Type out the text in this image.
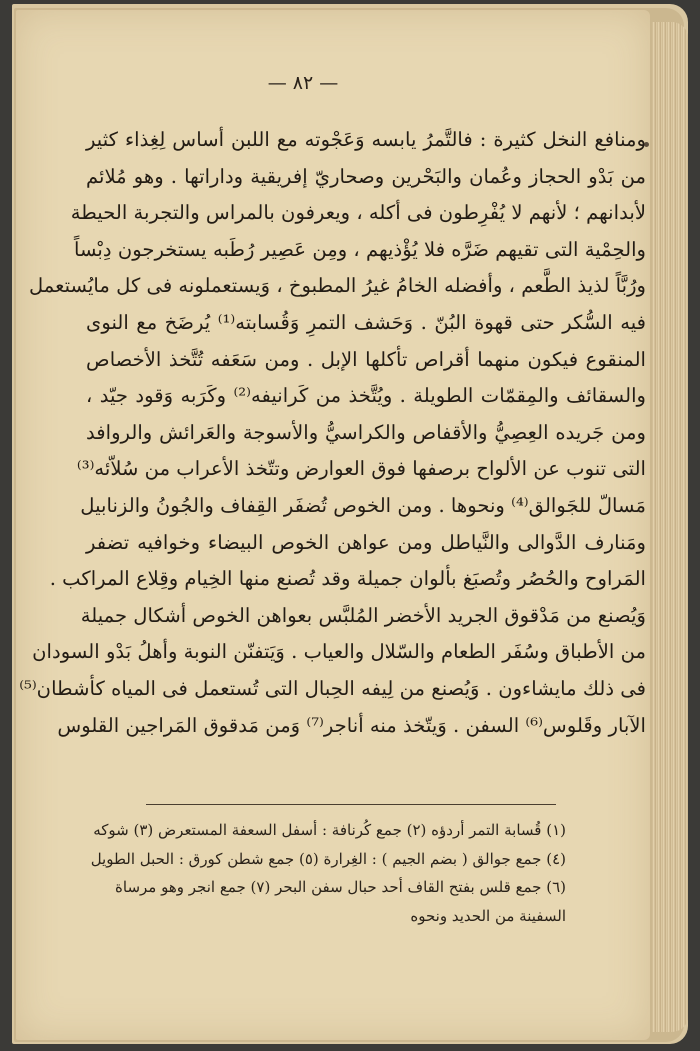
— ٨٢ —

ومنافع النخل كثيرة : فالتَّمرُ يابسه وَعَجْوته مع اللبن أساس لِغِذاء كثير

من بَدْو الحجاز وعُمان والبَحْرين وصحاريّ إفريقية وداراتها . وهو مُلائم

لأبدانهم ؛ لأنهم لا يُفْرِطون فى أكله ، ويعرفون بالمراس والتجربة الحيطة

والحِمْية التى تقيهم ضَرَّه فلا يُؤْذيهم ، ومِن عَصِير رُطَبه يستخرجون دِبْساً

ورُبَّاً لذيذ الطَّعم ، وأفضله الخامُ غيرُ المطبوخ ، وَيستعملونه فى كل مايُستعمل

فيه السُّكر حتى قهوة البُنّ . وَحَشف التمرِ وَقُسابته⁽¹⁾ يُرضَخ مع النوى

المنقوع فيكون منهما أقراص تأكلها الإبل . ومن سَعَفه تُتَّخذ الأخصاص

والسقائف والمِقمّات الطويلة . ويُتَّخذ من كَرانيفه⁽²⁾ وكَرَبه وَقود جيّد ،

ومن جَريده العِصِيُّ والأقفاص والكراسيُّ والأسوجة والعَرائش والروافد

التى تنوب عن الألواح برصفها فوق العوارض وتتّخذ الأعراب من سُلاّئه⁽³⁾

مَسالّ للجَوالق⁽⁴⁾ ونحوها . ومن الخوص تُضفَر القِفاف والجُونُ والزنابيل

ومَنارف الدَّوالى والنَّياطل ومن عواهن الخوص البيضاء وخوافيه تضفر

المَراوح والحُصُر وتُصبَغ بألوان جميلة وقد تُصنع منها الخِيام وقِلاع المراكب .

وَيُصنع من مَدْقوق الجريد الأخضر المُلبَّس بعواهن الخوص أشكال جميلة

من الأطباق وسُفَر الطعام والسّلال والعياب . وَيَتفنّن النوبة وأهلُ بَدْو السودان

فى ذلك مايشاءون . وَيُصنع من لِيفه الحِبال التى تُستعمل فى المياه كأشطان⁽⁵⁾

الآبار وقَلوس⁽⁶⁾ السفن . وَيتّخذ منه أناجر⁽⁷⁾ وَمن مَدقوق المَراجين القلوس

(١) قُسابة التمر أردؤه (٢) جمع كُرنافة : أسفل السعفة المستعرض (٣) شوكه

(٤) جمع جوالق ( بضم الجيم ) : الغِرارة (٥) جمع شطن كورق : الحبل الطويل

(٦) جمع قلس بفتح القاف أحد حبال سفن البحر (٧) جمع انجر وهو مرساة

السفينة من الحديد ونحوه
